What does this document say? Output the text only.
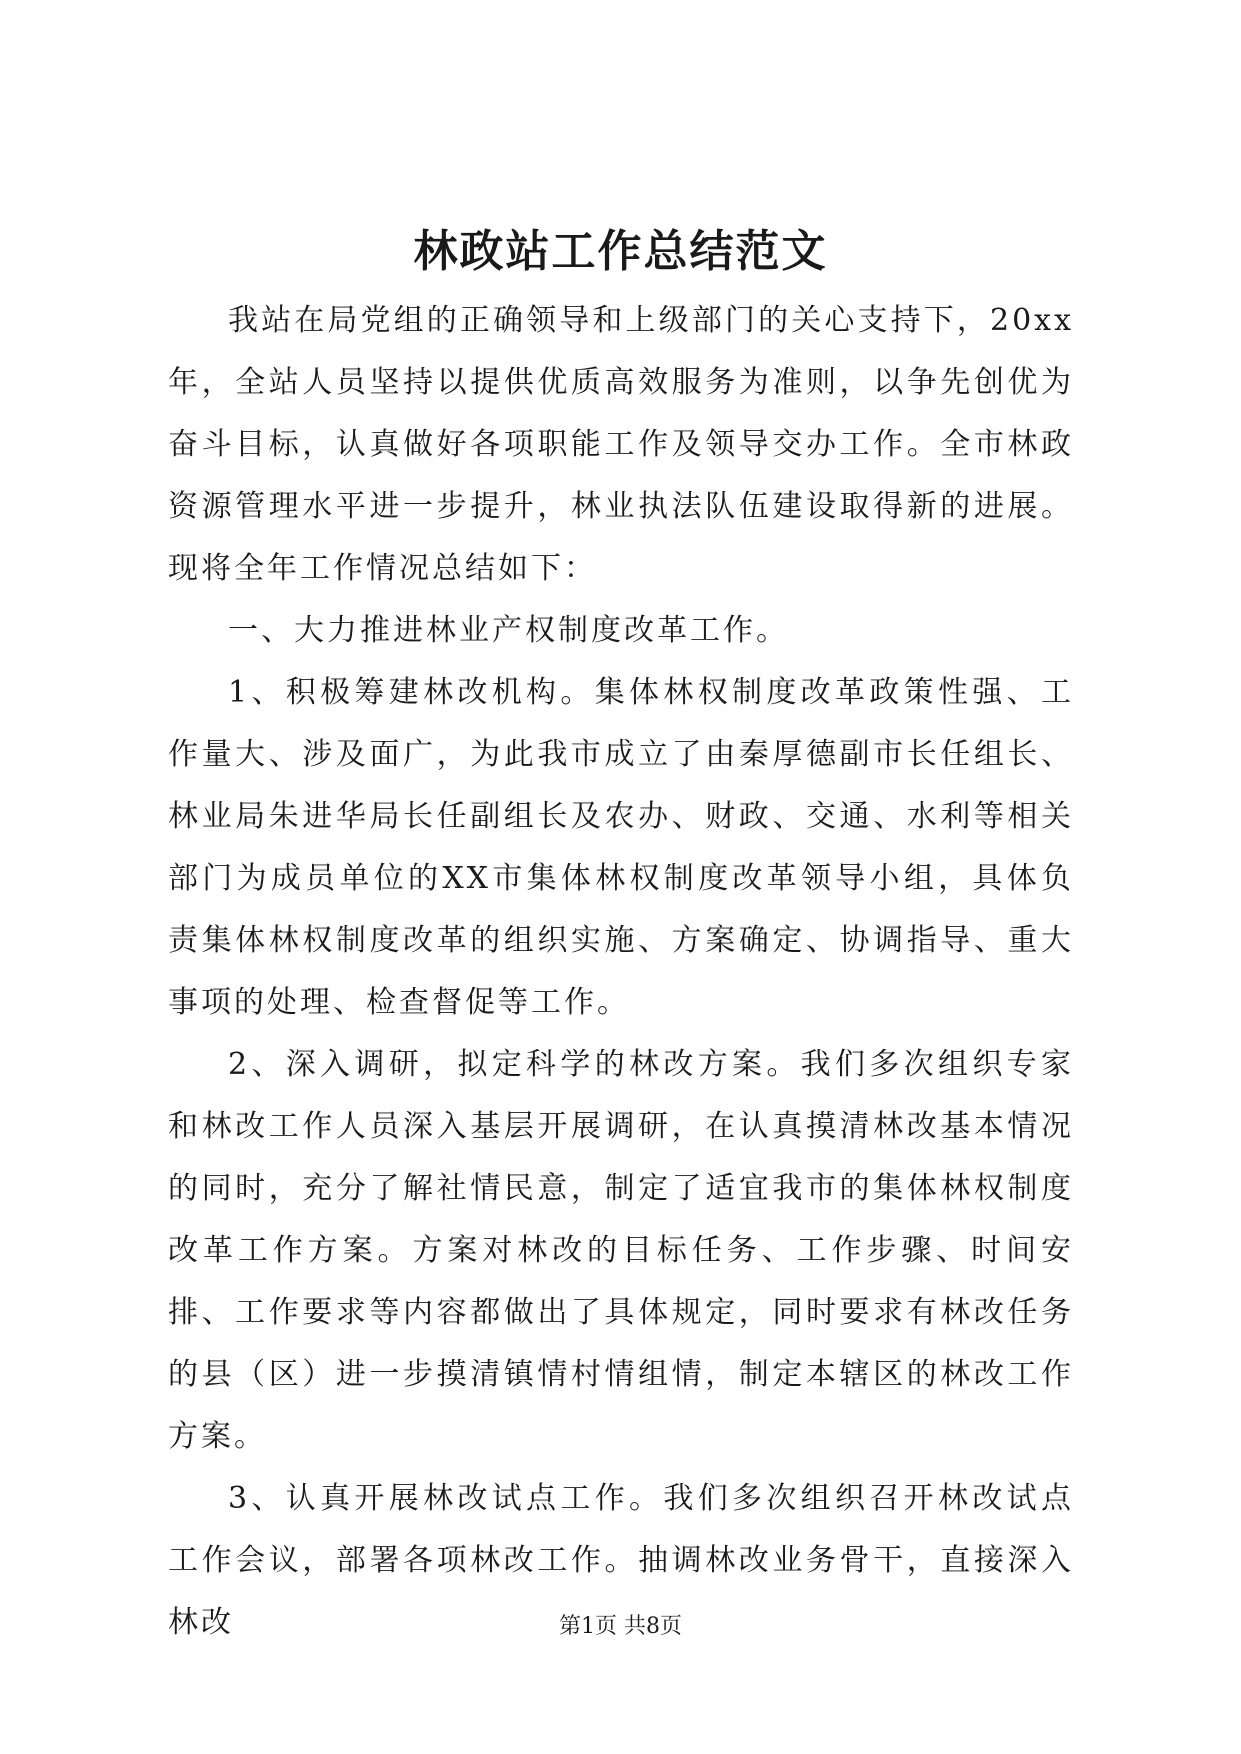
林政站工作总结范文

我站在局党组的正确领导和上级部门的关心支持下，20xx年，全站人员坚持以提供优质高效服务为准则，以争先创优为奋斗目标，认真做好各项职能工作及领导交办工作。全市林政资源管理水平进一步提升，林业执法队伍建设取得新的进展。现将全年工作情况总结如下：

一、大力推进林业产权制度改革工作。

1、积极筹建林改机构。集体林权制度改革政策性强、工作量大、涉及面广，为此我市成立了由秦厚德副市长任组长、林业局朱进华局长任副组长及农办、财政、交通、水利等相关部门为成员单位的XX市集体林权制度改革领导小组，具体负责集体林权制度改革的组织实施、方案确定、协调指导、重大事项的处理、检查督促等工作。

2、深入调研，拟定科学的林改方案。我们多次组织专家和林改工作人员深入基层开展调研，在认真摸清林改基本情况的同时，充分了解社情民意，制定了适宜我市的集体林权制度改革工作方案。方案对林改的目标任务、工作步骤、时间安排、工作要求等内容都做出了具体规定，同时要求有林改任务的县（区）进一步摸清镇情村情组情，制定本辖区的林改工作方案。

3、认真开展林改试点工作。我们多次组织召开林改试点工作会议，部署各项林改工作。抽调林改业务骨干，直接深入林改	第1页 共8页
